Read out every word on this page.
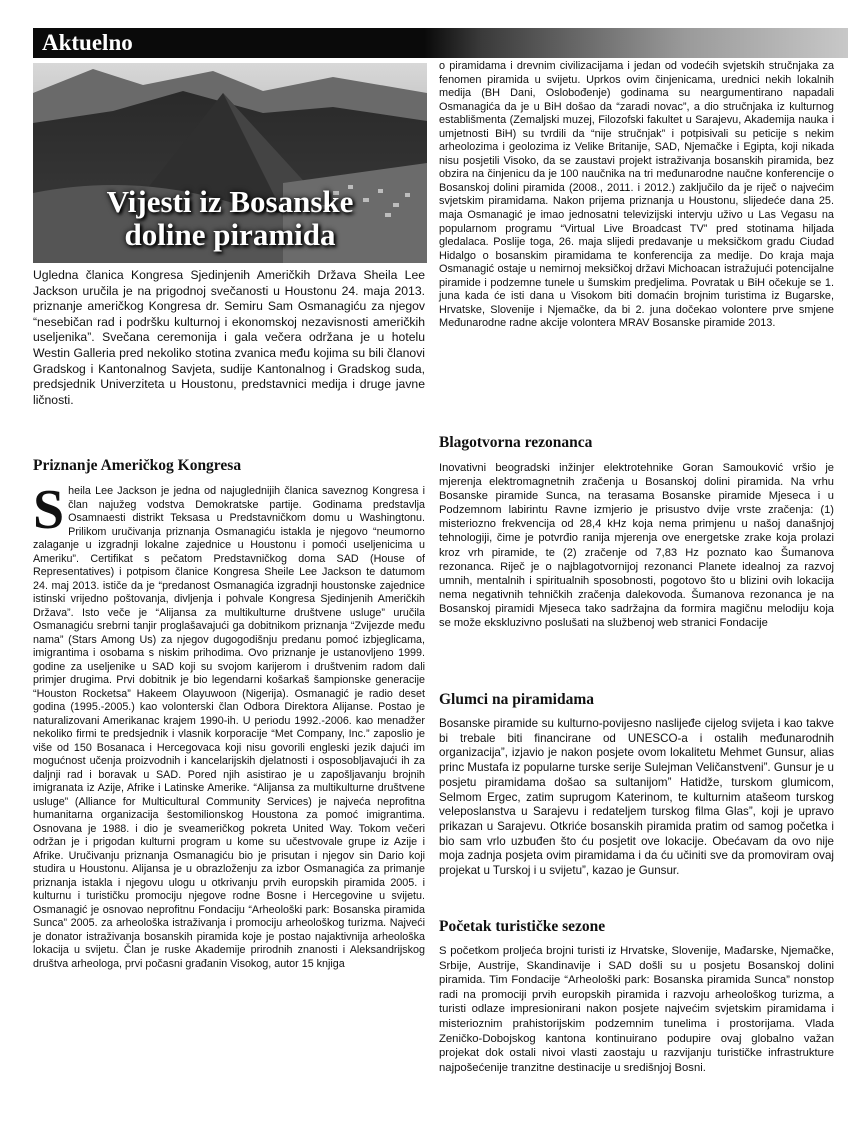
Aktuelno
Vijesti iz Bosanske
doline piramida

Ugledna članica Kongresa Sjedinjenih Američkih Država Sheila Lee Jackson uručila je na prigodnoj svečanosti u Houstonu 24. maja 2013. priznanje američkog Kongresa dr. Semiru Sam Osmanagiću za njegov “nesebičan rad i podršku kulturnoj i ekonomskoj nezavisnosti američkih useljenika”. Svečana ceremonija i gala večera održana je u hotelu Westin Galleria pred nekoliko stotina zvanica među kojima su bili članovi Gradskog i Kantonalnog Savjeta, sudije Kantonalnog i Gradskog suda, predsjednik Univerziteta u Houstonu, predstavnici medija i druge javne ličnosti.

Priznanje Američkog Kongresa
S heila Lee Jackson je jedna od najuglednijih članica saveznog Kongresa i član najužeg vodstva Demokratske partije. Godinama predstavlja Osamnaesti distrikt Teksasa u Predstavničkom domu u Washingtonu. Prilikom uručivanja priznanja Osmanagiću istakla je njegovo “neumorno zalaganje u izgradnji lokalne zajednice u Houstonu i pomoći useljenicima u Ameriku”. Certifikat s pečatom Predstavničkog doma SAD (House of Representatives) i potpisom članice Kongresa Sheile Lee Jackson te datumom 24. maj 2013. ističe da je “predanost Osmanagića izgradnji houstonske zajednice istinski vrijedno poštovanja, divljenja i pohvale Kongresa Sjedinjenih Američkih Država”. Isto veče je “Alijansa za multikulturne društvene usluge” uručila Osmanagiću srebrni tanjir proglašavajući ga dobitnikom priznanja “Zvijezde među nama” (Stars Among Us) za njegov dugogodišnju predanu pomoć izbjeglicama, imigrantima i osobama s niskim prihodima. Ovo priznanje je ustanovljeno 1999. godine za useljenike u SAD koji su svojom karijerom i društvenim radom dali primjer drugima. Prvi dobitnik je bio legendarni košarkaš šampionske generacije “Houston Rocketsa” Hakeem Olayuwoon (Nigerija). Osmanagić je radio deset godina (1995.-2005.) kao volonterski član Odbora Direktora Alijanse. Postao je naturalizovani Amerikanac krajem 1990-ih. U periodu 1992.-2006. kao menadžer nekoliko firmi te predsjednik i vlasnik korporacije “Met Company, Inc.” zaposlio je više od 150 Bosanaca i Hercegovaca koji nisu govorili engleski jezik dajući im mogućnost učenja proizvodnih i kancelarijskih djelatnosti i osposobljavajući ih za daljnji rad i boravak u SAD. Pored njih asistirao je u zapošljavanju brojnih imigranata iz Azije, Afrike i Latinske Amerike. “Alijansa za multikulturne društvene usluge” (Alliance for Multicultural Community Services) je najveća neprofitna humanitarna organizacija šestomilionskog Houstona za pomoć imigrantima. Osnovana je 1988. i dio je sveameričkog pokreta United Way. Tokom večeri održan je i prigodan kulturni program u kome su učestvovale grupe iz Azije i Afrike. Uručivanju priznanja Osmanagiću bio je prisutan i njegov sin Dario koji studira u Houstonu. Alijansa je u obrazloženju za izbor Osmanagića za primanje priznanja istakla i njegovu ulogu u otkrivanju prvih europskih piramida 2005. i kulturnu i turističku promociju njegove rodne Bosne i Hercegovine u svijetu. Osmanagić je osnovao neprofitnu Fondaciju “Arheološki park: Bosanska piramida Sunca” 2005. za arheološka istraživanja i promociju arheološkog turizma. Najveći je donator istraživanja bosanskih piramida koje je postao najaktivnija arheološka lokacija u svijetu. Član je ruske Akademije prirodnih znanosti i Aleksandrijskog društva arheologa, prvi počasni građanin Visokog, autor 15 knjiga

o piramidama i drevnim civilizacijama i jedan od vodećih svjetskih stručnjaka za fenomen piramida u svijetu. Uprkos ovim činjenicama, urednici nekih lokalnih medija (BH Dani, Oslobođenje) godinama su neargumentirano napadali Osmanagića da je u BiH došao da “zaradi novac”, a dio stručnjaka iz kulturnog establišmenta (Zemaljski muzej, Filozofski fakultet u Sarajevu, Akademija nauka i umjetnosti BiH) su tvrdili da “nije stručnjak” i potpisivali su peticije s nekim arheolozima i geolozima iz Velike Britanije, SAD, Njemačke i Egipta, koji nikada nisu posjetili Visoko, da se zaustavi projekt istraživanja bosanskih piramida, bez obzira na činjenicu da je 100 naučnika na tri međunarodne naučne konferencije o Bosanskoj dolini piramida (2008., 2011. i 2012.) zaključilo da je riječ o najvećim svjetskim piramidama. Nakon prijema priznanja u Houstonu, slijedeće dana 25. maja Osmanagić je imao jednosatni televizijski intervju uživo u Las Vegasu na popularnom programu “Virtual Live Broadcast TV” pred stotinama hiljada gledalaca. Poslije toga, 26. maja slijedi predavanje u meksičkom gradu Ciudad Hidalgo o bosanskim piramidama te konferencija za medije. Do kraja maja Osmanagić ostaje u nemirnoj meksičkoj državi Michoacan istražujući potencijalne piramide i podzemne tunele u šumskim predjelima. Povratak u BiH očekuje se 1. juna kada će isti dana u Visokom biti domaćin brojnim turistima iz Bugarske, Hrvatske, Slovenije i Njemačke, da bi 2. juna dočekao volontere prve smjene Međunarodne radne akcije volontera MRAV Bosanske piramide 2013.

Blagotvorna rezonanca

Inovativni beogradski inžinjer elektrotehnike Goran Samouković vršio je mjerenja elektromagnetnih zračenja u Bosanskoj dolini piramida. Na vrhu Bosanske piramide Sunca, na terasama Bosanske piramide Mjeseca i u Podzemnom labirintu Ravne izmjerio je prisustvo dvije vrste zračenja: (1) misteriozno frekvencija od 28,4 kHz koja nema primjenu u našoj današnjoj tehnologiji, čime je potvrđio ranija mjerenja ove energetske zrake koja prolazi kroz vrh piramide, te (2) zračenje od 7,83 Hz poznato kao Šumanova rezonanca. Riječ je o najblagotvornijoj rezonanci Planete idealnoj za razvoj umnih, mentalnih i spiritualnih sposobnosti, pogotovo što u blizini ovih lokacija nema negativnih tehničkih zračenja dalekovoda. Šumanova rezonanca je na Bosanskoj piramidi Mjeseca tako sadržajna da formira magičnu melodiju koja se može ekskluzivno poslušati na službenoj web stranici Fondacije

Glumci na piramidama

Bosanske piramide su kulturno-povijesno naslijeđe cijelog svijeta i kao takve bi trebale biti financirane od UNESCO-a i ostalih međunarodnih organizacija”, izjavio je nakon posjete ovom lokalitetu Mehmet Gunsur, alias princ Mustafa iz popularne turske serije Sulejman Veličanstveni”. Gunsur je u posjetu piramidama došao sa sultanijom” Hatidže, turskom glumicom, Selmom Ergec, zatim suprugom Katerinom, te kulturnim atašeom turskog veleposlanstva u Sarajevu i redateljem turskog filma Glas”, koji je upravo prikazan u Sarajevu. Otkriće bosanskih piramida pratim od samog početka i bio sam vrlo uzbuđen što ću posjetit ove lokacije. Obećavam da ovo nije moja zadnja posjeta ovim piramidama i da ću učiniti sve da promoviram ovaj projekat u Turskoj i u svijetu”, kazao je Gunsur.

Početak turističke sezone

S početkom proljeća brojni turisti iz Hrvatske, Slovenije, Mađarske, Njemačke, Srbije, Austrije, Skandinavije i SAD došli su u posjetu Bosanskoj dolini piramida. Tim Fondacije “Arheološki park: Bosanska piramida Sunca” nonstop radi na promociji prvih europskih piramida i razvoju arheološkog turizma, a turisti odlaze impresionirani nakon posjete najvećim svjetskim piramidama i misterioznim prahistorijskim podzemnim tunelima i prostorijama. Vlada Zeničko-Dobojskog kantona kontinuirano podupire ovaj globalno važan projekat dok ostali nivoi vlasti zaostaju u razvijanju turističke infrastrukture najpošećenije tranzitne destinacije u središnjoj Bosni.
